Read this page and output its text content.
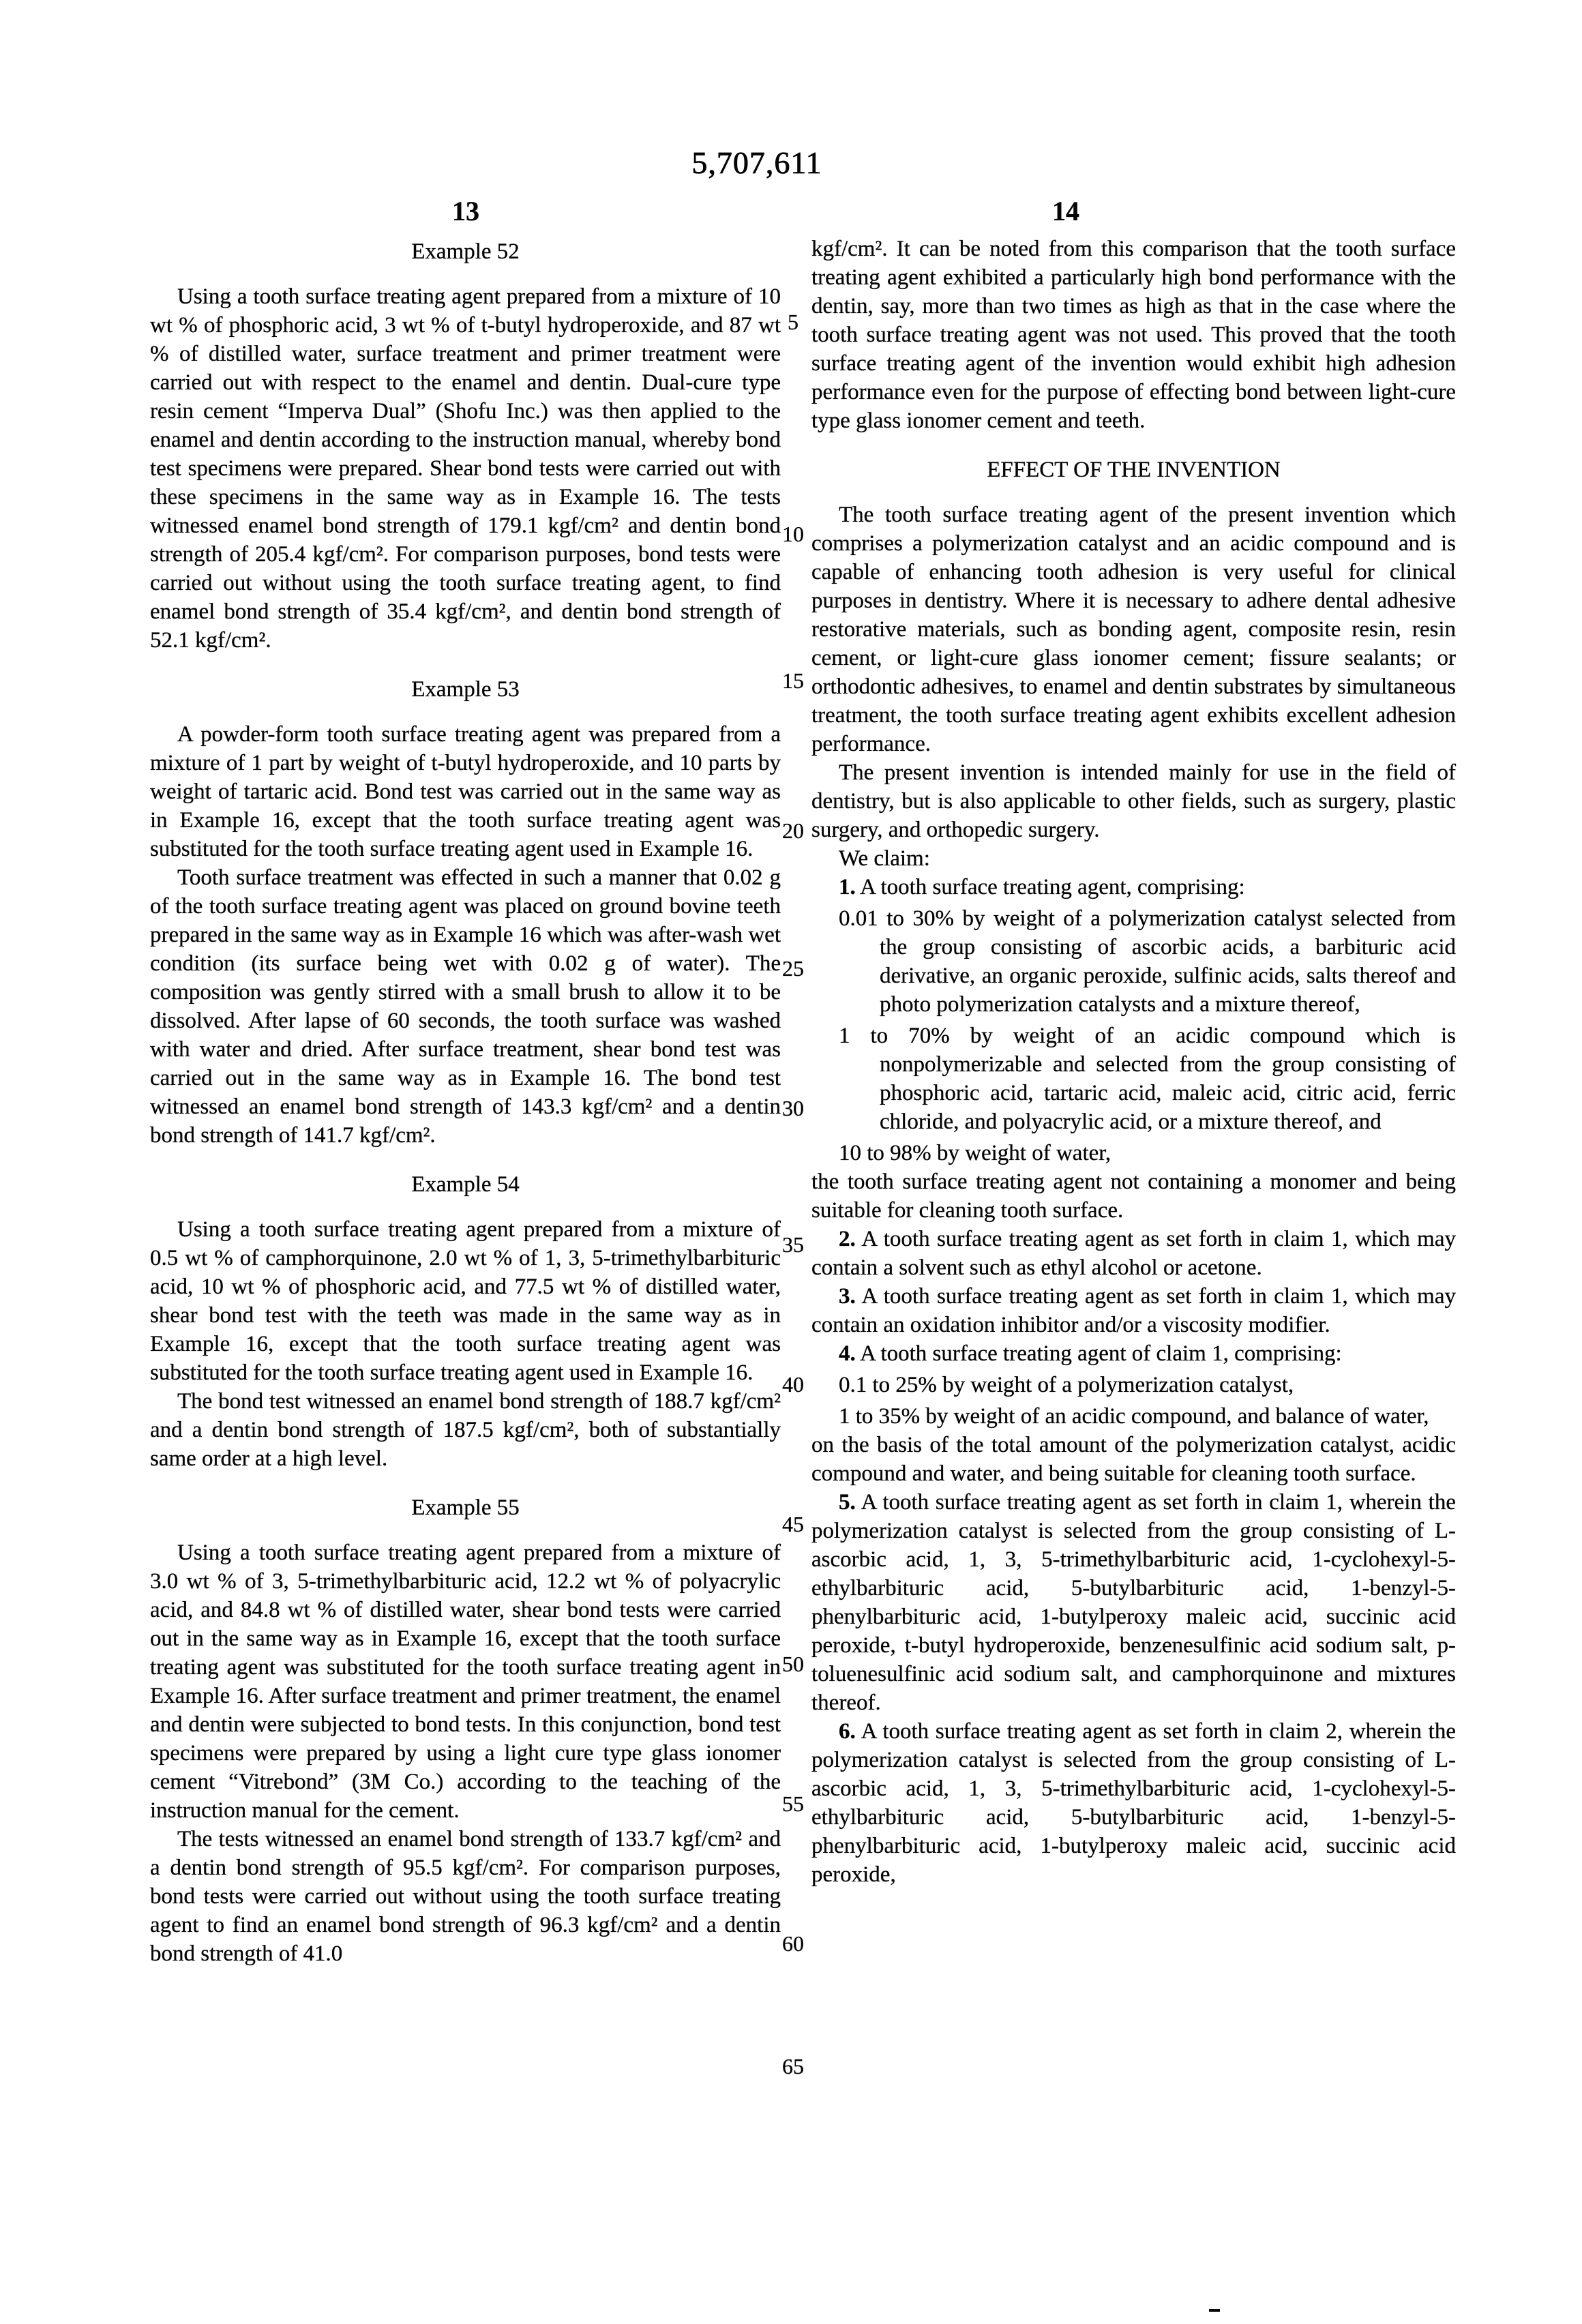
5,707,611
13	14
Example 52
Using a tooth surface treating agent prepared from a mixture of 10 wt % of phosphoric acid, 3 wt % of t-butyl hydroperoxide, and 87 wt % of distilled water, surface treatment and primer treatment were carried out with respect to the enamel and dentin. Dual-cure type resin cement “Imperva Dual” (Shofu Inc.) was then applied to the enamel and dentin according to the instruction manual, whereby bond test specimens were prepared. Shear bond tests were carried out with these specimens in the same way as in Example 16. The tests witnessed enamel bond strength of 179.1 kgf/cm² and dentin bond strength of 205.4 kgf/cm². For comparison purposes, bond tests were carried out without using the tooth surface treating agent, to find enamel bond strength of 35.4 kgf/cm², and dentin bond strength of 52.1 kgf/cm².
Example 53
A powder-form tooth surface treating agent was prepared from a mixture of 1 part by weight of t-butyl hydroperoxide, and 10 parts by weight of tartaric acid. Bond test was carried out in the same way as in Example 16, except that the tooth surface treating agent was substituted for the tooth surface treating agent used in Example 16.
Tooth surface treatment was effected in such a manner that 0.02 g of the tooth surface treating agent was placed on ground bovine teeth prepared in the same way as in Example 16 which was after-wash wet condition (its surface being wet with 0.02 g of water). The composition was gently stirred with a small brush to allow it to be dissolved. After lapse of 60 seconds, the tooth surface was washed with water and dried. After surface treatment, shear bond test was carried out in the same way as in Example 16. The bond test witnessed an enamel bond strength of 143.3 kgf/cm² and a dentin bond strength of 141.7 kgf/cm².
Example 54
Using a tooth surface treating agent prepared from a mixture of 0.5 wt % of camphorquinone, 2.0 wt % of 1, 3, 5-trimethylbarbituric acid, 10 wt % of phosphoric acid, and 77.5 wt % of distilled water, shear bond test with the teeth was made in the same way as in Example 16, except that the tooth surface treating agent was substituted for the tooth surface treating agent used in Example 16.
The bond test witnessed an enamel bond strength of 188.7 kgf/cm² and a dentin bond strength of 187.5 kgf/cm², both of substantially same order at a high level.
Example 55
Using a tooth surface treating agent prepared from a mixture of 3.0 wt % of 3, 5-trimethylbarbituric acid, 12.2 wt % of polyacrylic acid, and 84.8 wt % of distilled water, shear bond tests were carried out in the same way as in Example 16, except that the tooth surface treating agent was substituted for the tooth surface treating agent in Example 16. After surface treatment and primer treatment, the enamel and dentin were subjected to bond tests. In this conjunction, bond test specimens were prepared by using a light cure type glass ionomer cement “Vitrebond” (3M Co.) according to the teaching of the instruction manual for the cement.
The tests witnessed an enamel bond strength of 133.7 kgf/cm² and a dentin bond strength of 95.5 kgf/cm². For comparison purposes, bond tests were carried out without using the tooth surface treating agent to find an enamel bond strength of 96.3 kgf/cm² and a dentin bond strength of 41.0
kgf/cm². It can be noted from this comparison that the tooth surface treating agent exhibited a particularly high bond performance with the dentin, say, more than two times as high as that in the case where the tooth surface treating agent was not used. This proved that the tooth surface treating agent of the invention would exhibit high adhesion performance even for the purpose of effecting bond between light-cure type glass ionomer cement and teeth.
EFFECT OF THE INVENTION
The tooth surface treating agent of the present invention which comprises a polymerization catalyst and an acidic compound and is capable of enhancing tooth adhesion is very useful for clinical purposes in dentistry. Where it is necessary to adhere dental adhesive restorative materials, such as bonding agent, composite resin, resin cement, or light-cure glass ionomer cement; fissure sealants; or orthodontic adhesives, to enamel and dentin substrates by simultaneous treatment, the tooth surface treating agent exhibits excellent adhesion performance.
The present invention is intended mainly for use in the field of dentistry, but is also applicable to other fields, such as surgery, plastic surgery, and orthopedic surgery.
We claim:
1. A tooth surface treating agent, comprising:
0.01 to 30% by weight of a polymerization catalyst selected from the group consisting of ascorbic acids, a barbituric acid derivative, an organic peroxide, sulfinic acids, salts thereof and photo polymerization catalysts and a mixture thereof,
1 to 70% by weight of an acidic compound which is nonpolymerizable and selected from the group consisting of phosphoric acid, tartaric acid, maleic acid, citric acid, ferric chloride, and polyacrylic acid, or a mixture thereof, and
10 to 98% by weight of water,
the tooth surface treating agent not containing a monomer and being suitable for cleaning tooth surface.
2. A tooth surface treating agent as set forth in claim 1, which may contain a solvent such as ethyl alcohol or acetone.
3. A tooth surface treating agent as set forth in claim 1, which may contain an oxidation inhibitor and/or a viscosity modifier.
4. A tooth surface treating agent of claim 1, comprising:
0.1 to 25% by weight of a polymerization catalyst,
1 to 35% by weight of an acidic compound, and balance of water,
on the basis of the total amount of the polymerization catalyst, acidic compound and water, and being suitable for cleaning tooth surface.
5. A tooth surface treating agent as set forth in claim 1, wherein the polymerization catalyst is selected from the group consisting of L-ascorbic acid, 1, 3, 5-trimethylbarbituric acid, 1-cyclohexyl-5-ethylbarbituric acid, 5-butylbarbituric acid, 1-benzyl-5-phenylbarbituric acid, 1-butylperoxy maleic acid, succinic acid peroxide, t-butyl hydroperoxide, benzenesulfinic acid sodium salt, p-toluenesulfinic acid sodium salt, and camphorquinone and mixtures thereof.
6. A tooth surface treating agent as set forth in claim 2, wherein the polymerization catalyst is selected from the group consisting of L-ascorbic acid, 1, 3, 5-trimethylbarbituric acid, 1-cyclohexyl-5-ethylbarbituric acid, 5-butylbarbituric acid, 1-benzyl-5-phenylbarbituric acid, 1-butylperoxy maleic acid, succinic acid peroxide,
5
10
15
20
25
30
35
40
45
50
55
60
65
